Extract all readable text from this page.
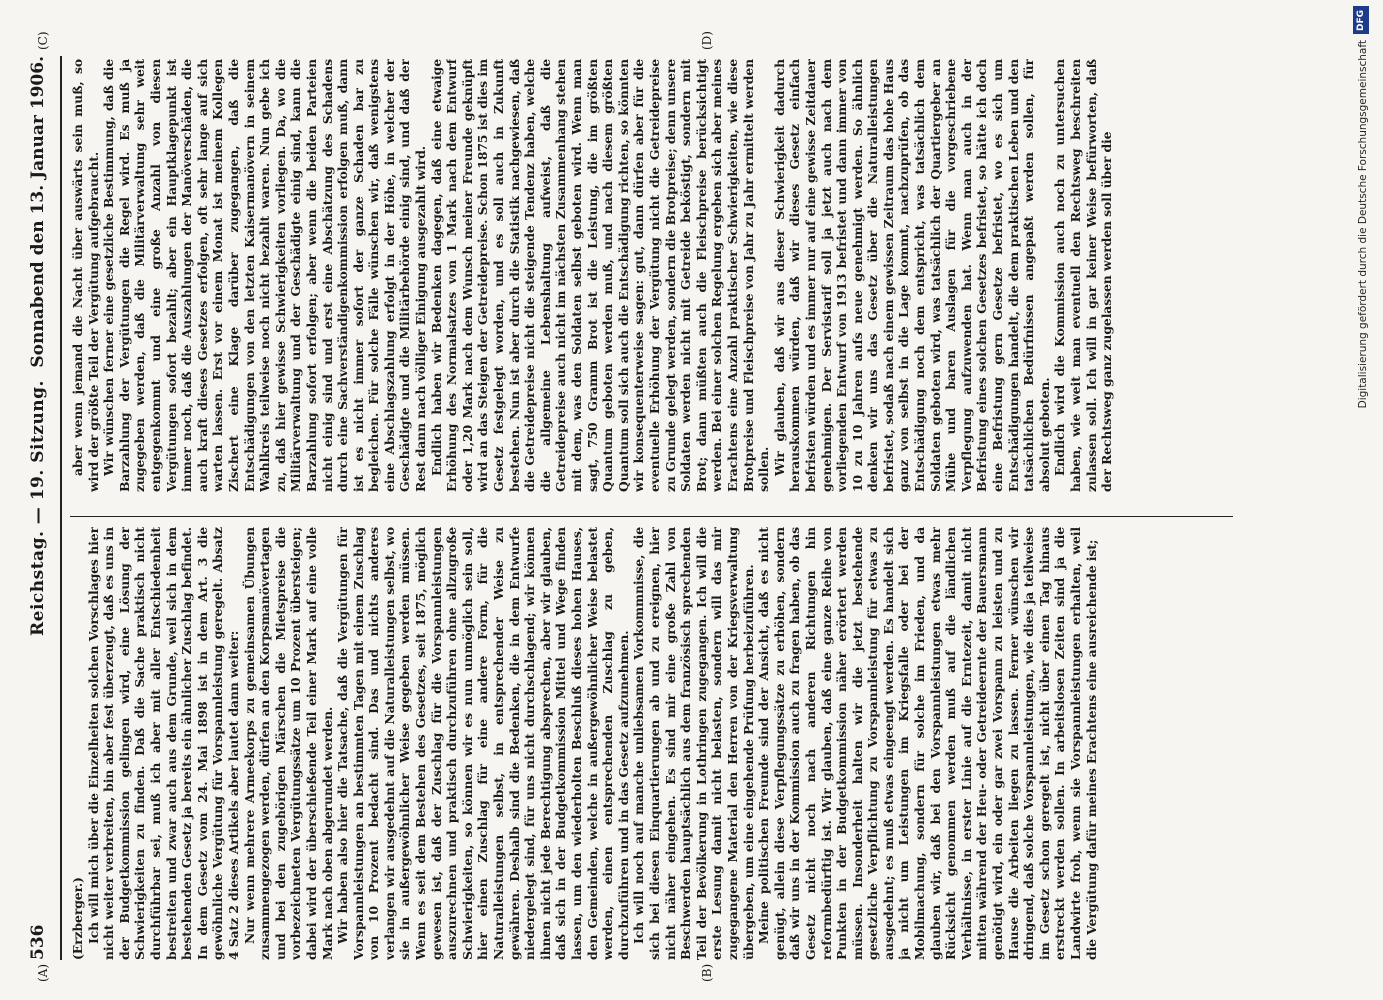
536
Reichstag. — 19. Sitzung.
Sonnabend den 13. Januar 1906.
(A)	(B)
(C)	(D)

(Erzberger.) Ich will mich über die Einzelheiten solchen Vorschlages hier nicht weiter verbreiten, bin aber fest überzeugt, daß es uns in der Budgetkommission gelingen wird, eine Lösung der Schwierigkeiten zu finden. Daß die Sache praktisch nicht durchführbar sei, muß ich aber mit aller Entschiedenheit bestreiten und zwar auch aus dem Grunde, weil sich in dem bestehenden Gesetz ja bereits ein ähnlicher Zuschlag befindet. In dem Gesetz vom 24. Mai 1898 ist in dem Art. 3 die gewöhnliche Vergütung für Vorspannleistung geregelt. Absatz 4 Satz 2 dieses Artikels aber lautet dann weiter: Nur wenn mehrere Armeekorps zu gemeinsamen Übungen zusammengezogen werden, dürfen an den Korpsmanövertagen und bei den zugehörigen Märschen die Mietspreise die vorbezeichneten Vergütungssätze um 10 Prozent übersteigen; dabei wird der überschießende Teil einer Mark auf eine volle Mark nach oben abgerundet werden. Wir haben also hier die Tatsache, daß die Vergütungen für Vorspannleistungen an bestimmten Tagen mit einem Zuschlag von 10 Prozent bedacht sind. Das und nichts anderes verlangen wir ausgedehnt auf die Naturalleistungen selbst, wo sie in außergewöhnlicher Weise gegeben werden müssen. Wenn es seit dem Bestehen des Gesetzes, seit 1875, möglich gewesen ist, daß der Zuschlag für die Vorspannleistungen auszurechnen und praktisch durchzuführen ohne allzugroße Schwierigkeiten, so können wir es nun unmöglich sein soll, hier einen Zuschlag für eine andere Form, für die Naturalleistungen selbst, in entsprechender Weise zu gewähren. Deshalb sind die Bedenken, die in dem Entwurfe niedergelegt sind, für uns nicht durchschlagend; wir können ihnen nicht jede Berechtigung absprechen, aber wir glauben, daß sich in der Budgetkommission Mittel und Wege finden lassen, um den wiederholten Beschluß dieses hohen Hauses, den Gemeinden, welche in außergewöhnlicher Weise belastet werden, einen entsprechenden Zuschlag zu geben, durchzuführen und in das Gesetz aufzunehmen. Ich will noch auf manche unliebsamen Vorkommnisse, die sich bei diesen Einquartierungen ab und zu ereignen, hier nicht näher eingehen. Es sind mir eine große Zahl von Beschwerden hauptsächlich aus dem französisch sprechenden Teil der Bevölkerung in Lothringen zugegangen. Ich will die erste Lesung damit nicht belasten, sondern will das mir zugegangene Material den Herren von der Kriegsverwaltung übergeben, um eine eingehende Prüfung herbeizuführen. Meine politischen Freunde sind der Ansicht, daß es nicht genügt, allein diese Verpflegungssätze zu erhöhen, sondern daß wir uns in der Kommission auch zu fragen haben, ob das Gesetz nicht noch nach anderen Richtungen hin reformbedürftig ist. Wir glauben, daß eine ganze Reihe von Punkten in der Budgetkommission näher erörtert werden müssen. Insonderheit halten wir die jetzt bestehende gesetzliche Verpflichtung zu Vorspannleistung für etwas zu ausgedehnt; es muß etwas eingeengt werden. Es handelt sich ja nicht um Leistungen im Kriegsfalle oder bei der Mobilmachung, sondern für solche im Frieden, und da glauben wir, daß bei den Vorspannleistungen etwas mehr Rücksicht genommen werden muß auf die ländlichen Verhältnisse, in erster Linie auf die Erntezeit, damit nicht mitten während der Heu- oder Getreideernte der Bauersmann genötigt wird, ein oder gar zwei Vorspann zu leisten und zu Hause die Arbeiten liegen zu lassen. Ferner wünschen wir dringend, daß solche Vorspannleistungen, wie dies ja teilweise im Gesetz schon geregelt ist, nicht über einen Tag hinaus erstreckt werden sollen. In arbeitslosen Zeiten sind ja die Landwirte froh, wenn sie Vorspannleistungen erhalten, weil die Vergütung dafür meines Erachtens eine ausreichende ist;

aber wenn jemand die Nacht über auswärts sein muß, so wird der größte Teil der Vergütung aufgebraucht. Wir wünschen ferner eine gesetzliche Bestimmung, daß die Barzahlung der Vergütungen die Regel wird. Es muß ja zugegeben werden, daß die Militärverwaltung sehr weit entgegenkommt und eine große Anzahl von diesen Vergütungen sofort bezahlt; aber ein Hauptklagepunkt ist immer noch, daß die Auszahlungen der Manöverschäden, die auch kraft dieses Gesetzes erfolgen, oft sehr lange auf sich warten lassen. Erst vor einem Monat ist meinem Kollegen Zischert eine Klage darüber zugegangen, daß die Entschädigungen von den letzten Kaisermanövern in seinem Wahlkreis teilweise noch nicht bezahlt waren. Nun gebe ich zu, daß hier gewisse Schwierigkeiten vorliegen. Da, wo die Militärverwaltung und der Geschädigte einig sind, kann die Barzahlung sofort erfolgen; aber wenn die beiden Parteien nicht einig sind und erst eine Abschätzung des Schadens durch eine Sachverständigenkommission erfolgen muß, dann ist es nicht immer sofort der ganze Schaden bar zu begleichen. Für solche Fälle wünschen wir, daß wenigstens eine Abschlagszahlung erfolgt in der Höhe, in welcher der Geschädigte und die Militärbehörde einig sind, und daß der Rest dann nach völliger Einigung ausgezahlt wird. Endlich haben wir Bedenken dagegen, daß eine etwaige Erhöhung des Normalsatzes von 1 Mark nach dem Entwurf oder 1,20 Mark nach dem Wunsch meiner Freunde geknüpft wird an das Steigen der Getreidepreise. Schon 1875 ist dies im Gesetz festgelegt worden, und es soll auch in Zukunft bestehen. Nun ist aber durch die Statistik nachgewiesen, daß die Getreidepreise nicht die steigende Tendenz haben, welche die allgemeine Lebenshaltung aufweist, daß die Getreidepreise auch nicht im nächsten Zusammenhang stehen mit dem, was den Soldaten selbst geboten wird. Wenn man sagt, 750 Gramm Brot ist die Leistung, die im größten Quantum geboten werden muß, und nach diesem größten Quantum soll sich auch die Entschädigung richten, so könnten wir konsequenterweise sagen: gut, dann dürfen aber für die eventuelle Erhöhung der Vergütung nicht die Getreidepreise zu Grunde gelegt werden, sondern die Brotpreise; denn unsere Soldaten werden nicht mit Getreide beköstigt, sondern mit Brot; dann müßten auch die Fleischpreise berücksichtigt werden. Bei einer solchen Regelung ergeben sich aber meines Erachtens eine Anzahl praktischer Schwierigkeiten, wie diese Brotpreise und Fleischpreise von Jahr zu Jahr ermittelt werden sollen. Wir glauben, daß wir aus dieser Schwierigkeit dadurch herauskommen würden, daß wir dieses Gesetz einfach befristen würden und es immer nur auf eine gewisse Zeitdauer genehmigen. Der Servistarif soll ja jetzt auch nach dem vorliegenden Entwurf von 1913 befristet und dann immer von 10 zu 10 Jahren aufs neue genehmigt werden. So ähnlich denken wir uns das Gesetz über die Naturalleistungen befristet, sodaß nach einem gewissen Zeitraum das hohe Haus ganz von selbst in die Lage kommt, nachzuprüfen, ob das Entschädigung noch dem entspricht, was tatsächlich dem Soldaten geboten wird, was tatsächlich der Quartiergeber an Mühe und baren Auslagen für die vorgeschriebene Verpflegung aufzuwenden hat. Wenn man auch in der Befristung eines solchen Gesetzes befristet, so hätte ich doch eine Befristung gern Gesetze befristet, wo es sich um Entschädigungen handelt, die dem praktischen Leben und den tatsächlichen Bedürfnissen angepaßt werden sollen, für absolut geboten. Endlich wird die Kommission auch noch zu untersuchen haben, wie weit man eventuell den Rechtsweg beschreiten zulassen soll. Ich will in gar keiner Weise befürworten, daß der Rechtsweg ganz zugelassen werden soll über die

DFG
Digitalisierung gefördert durch die Deutsche Forschungsgemeinschaft
